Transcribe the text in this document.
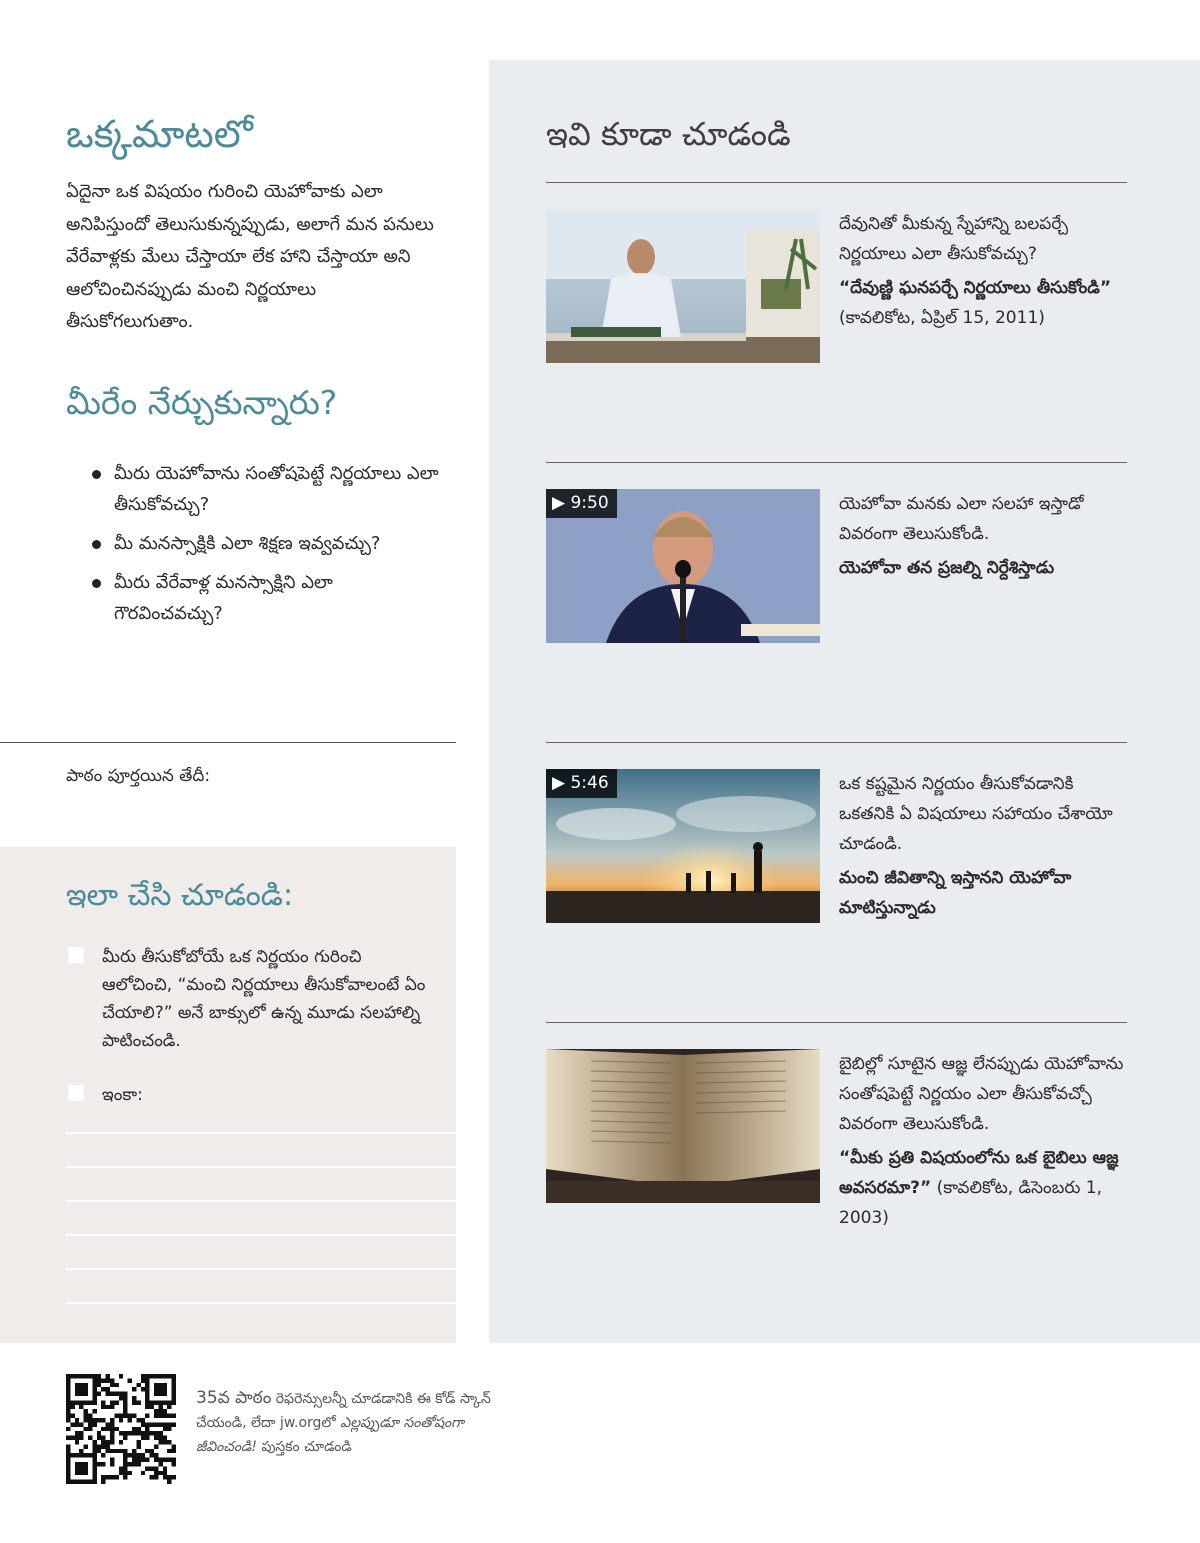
ఒక్కమాటలో

ఏదైనా ఒక విషయం గురించి యెహోవాకు ఎలా అనిపిస్తుందో తెలుసుకున్నప్పుడు, అలాగే మన పనులు వేరేవాళ్లకు మేలు చేస్తాయా లేక హాని చేస్తాయా అని ఆలోచించినప్పుడు మంచి నిర్ణయాలు తీసుకోగలుగుతాం.

మీరేం నేర్చుకున్నారు?
మీరు యెహోవాను సంతోషపెట్టే నిర్ణయాలు ఎలా తీసుకోవచ్చు?
మీ మనస్సాక్షికి ఎలా శిక్షణ ఇవ్వవచ్చు?
మీరు వేరేవాళ్ల మనస్సాక్షిని ఎలా గౌరవించవచ్చు?
పాఠం పూర్తయిన తేదీ:
ఇలా చేసి చూడండి:
మీరు తీసుకోబోయే ఒక నిర్ణయం గురించి ఆలోచించి, “మంచి నిర్ణయాలు తీసుకోవాలంటే ఏం చేయాలి?” అనే బాక్సులో ఉన్న మూడు సలహాల్ని పాటించండి.
ఇంకా:
ఇవి కూడా చూడండి
దేవునితో మీకున్న స్నేహాన్ని బలపర్చే నిర్ణయాలు ఎలా తీసుకోవచ్చు?
“దేవుణ్ణి ఘనపర్చే నిర్ణయాలు తీసుకోండి” (కావలికోట, ఏప్రిల్ 15, 2011)
▶ 9:50	యెహోవా మనకు ఎలా సలహా ఇస్తాడో వివరంగా తెలుసుకోండి.
యెహోవా తన ప్రజల్ని నిర్దేశిస్తాడు
▶ 5:46	ఒక కష్టమైన నిర్ణయం తీసుకోవడానికి ఒకతనికి ఏ విషయాలు సహాయం చేశాయో చూడండి.
మంచి జీవితాన్ని ఇస్తానని యెహోవా మాటిస్తున్నాడు
బైబిల్లో సూటైన ఆజ్ఞ లేనప్పుడు యెహోవాను సంతోషపెట్టే నిర్ణయం ఎలా తీసుకోవచ్చో వివరంగా తెలుసుకోండి.
“మీకు ప్రతి విషయంలోను ఒక బైబిలు ఆజ్ఞ అవసరమా?” (కావలికోట, డిసెంబరు 1, 2003)
35వ పాఠం రెఫరెన్సులన్నీ చూడడానికి ఈ కోడ్ స్కాన్ చేయండి, లేదా jw.orgలో ఎల్లప్పుడూ సంతోషంగా జీవించండి! పుస్తకం చూడండి
